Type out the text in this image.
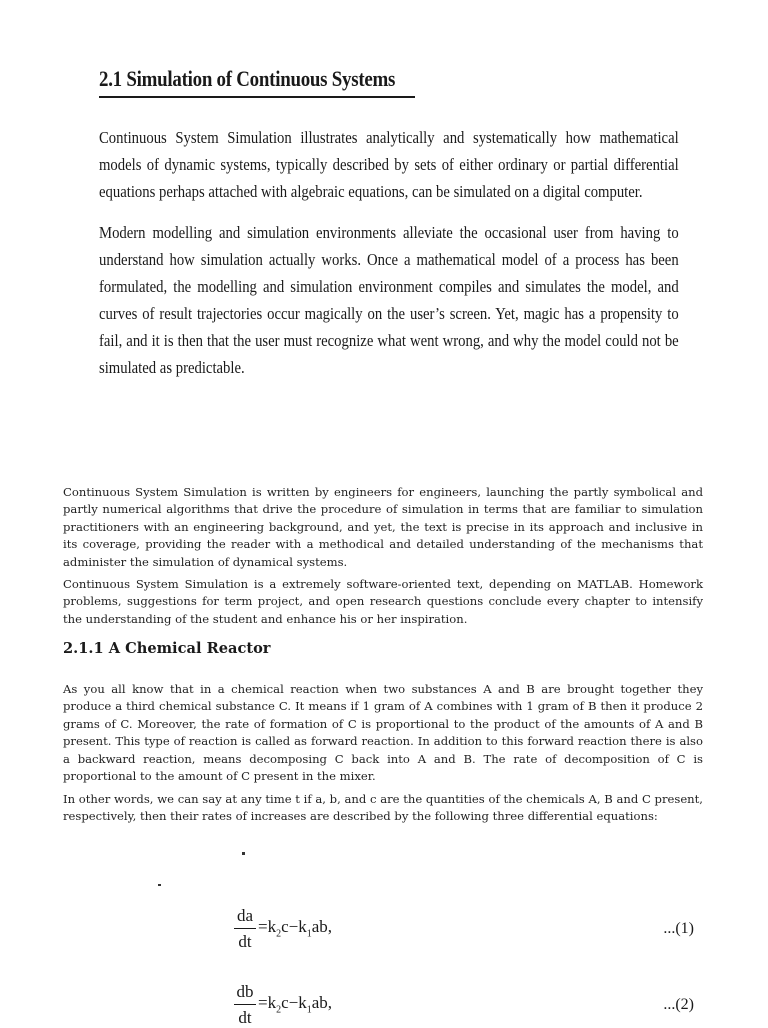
2.1 Simulation of Continuous Systems

Continuous System Simulation illustrates analytically and systematically how mathematical models of dynamic systems, typically described by sets of either ordinary or partial differential equations perhaps attached with algebraic equations, can be simulated on a digital computer.

Modern modelling and simulation environments alleviate the occasional user from having to understand how simulation actually works. Once a mathematical model of a process has been formulated, the modelling and simulation environment compiles and simulates the model, and curves of result trajectories occur magically on the user’s screen. Yet, magic has a propensity to fail, and it is then that the user must recognize what went wrong, and why the model could not be simulated as predictable.

Continuous System Simulation is written by engineers for engineers, launching the partly symbolical and partly numerical algorithms that drive the procedure of simulation in terms that are familiar to simulation practitioners with an engineering background, and yet, the text is precise in its approach and inclusive in its coverage, providing the reader with a methodical and detailed understanding of the mechanisms that administer the simulation of dynamical systems.

Continuous System Simulation is a extremely software-oriented text, depending on MATLAB. Homework problems, suggestions for term project, and open research questions conclude every chapter to intensify the understanding of the student and enhance his or her inspiration.

2.1.1 A Chemical Reactor

As you all know that in a chemical reaction when two substances A and B are brought together they produce a third chemical substance C. It means if 1 gram of A combines with 1 gram of B then it produce 2 grams of C. Moreover, the rate of formation of C is proportional to the product of the amounts of A and B present. This type of reaction is called as forward reaction. In addition to this forward reaction there is also a backward reaction, means decomposing C back into A and B. The rate of decomposition of C is proportional to the amount of C present in the mixer.

In other words, we can say at any time t if a, b, and c are the quantities of the chemicals A, B and C present, respectively, then their rates of increases are described by the following three differential equations:

da
dt
$=k_2c-k_1ab$,	...(1)
db
dt
$=k_2c-k_1ab$,	...(2)
